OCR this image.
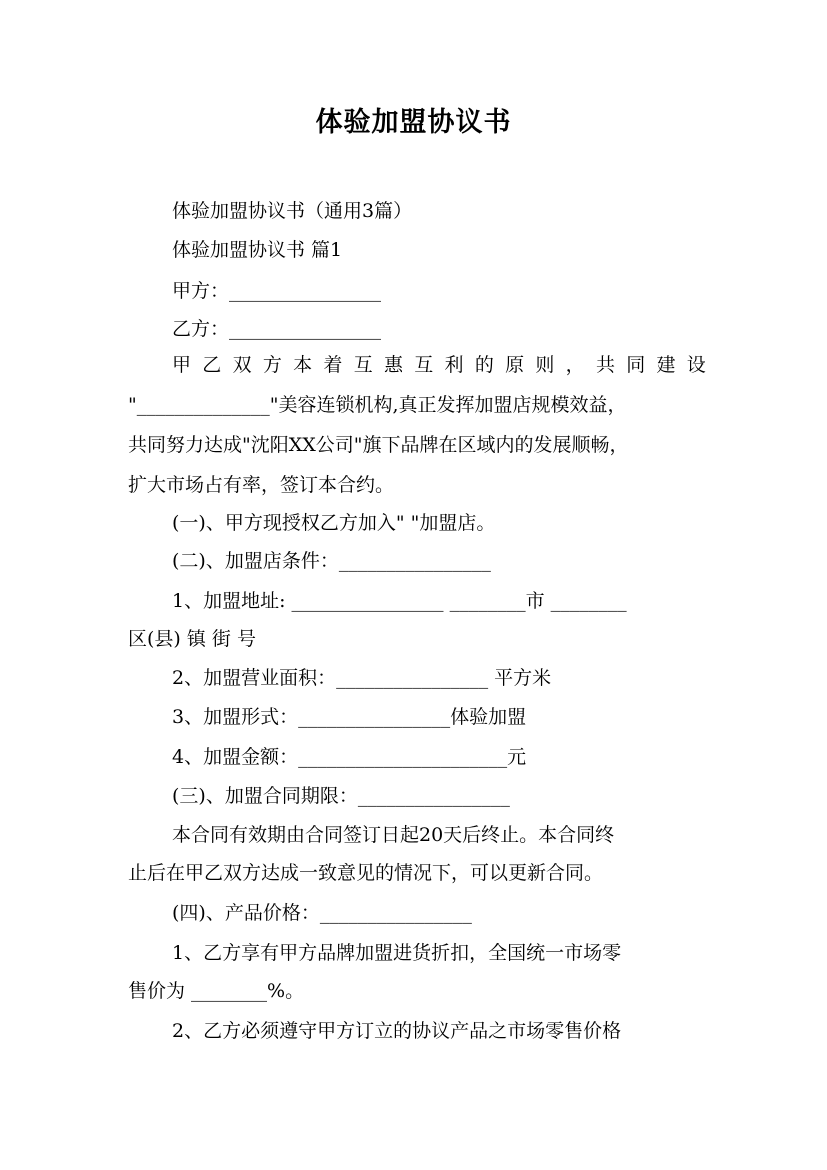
体验加盟协议书
体验加盟协议书（通用3篇）
体验加盟协议书 篇1
甲方：________________
乙方：________________
甲 乙 双 方 本 着 互 惠 互 利 的 原 则 ， 共 同 建 设
"______________"美容连锁机构,真正发挥加盟店规模效益，
共同努力达成"沈阳XX公司"旗下品牌在区域内的发展顺畅，
扩大市场占有率，签订本合约。
(一)、甲方现授权乙方加入" "加盟店。
(二)、加盟店条件：________________
1、加盟地址: ________________ ________市 ________
区(县) 镇 街 号
2、加盟营业面积：________________ 平方米
3、加盟形式：________________体验加盟
4、加盟金额：______________________元
(三)、加盟合同期限：________________
本合同有效期由合同签订日起20天后终止。本合同终
止后在甲乙双方达成一致意见的情况下，可以更新合同。
(四)、产品价格：________________
1、乙方享有甲方品牌加盟进货折扣，全国统一市场零
售价为 ________%。
2、乙方必须遵守甲方订立的协议产品之市场零售价格
